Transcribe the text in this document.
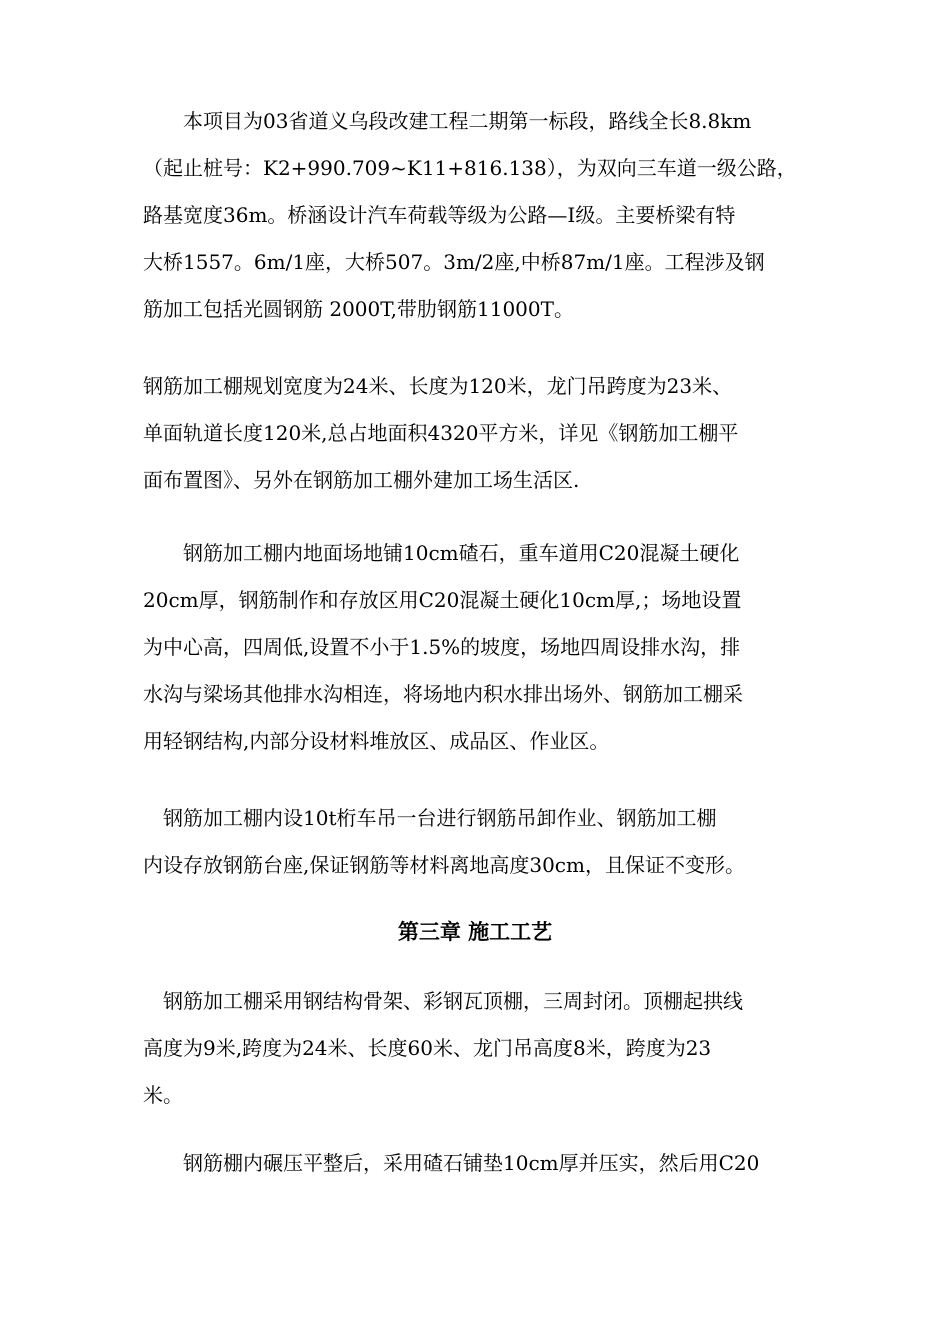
　　本项目为03省道义乌段改建工程二期第一标段，路线全长8.8km
（起止桩号：K2+990.709~K11+816.138），为双向三车道一级公路，
路基宽度36m。桥涵设计汽车荷载等级为公路—Ⅰ级。主要桥梁有特
大桥1557。6m/1座，大桥507。3m/2座,中桥87m/1座。工程涉及钢
筋加工包括光圆钢筋 2000T,带肋钢筋11000T。
钢筋加工棚规划宽度为24米、长度为120米，龙门吊跨度为23米、
单面轨道长度120米,总占地面积4320平方米，详见《钢筋加工棚平
面布置图》、另外在钢筋加工棚外建加工场生活区.
　　钢筋加工棚内地面场地铺10cm碴石，重车道用C20混凝土硬化
20cm厚，钢筋制作和存放区用C20混凝土硬化10cm厚,；场地设置
为中心高，四周低,设置不小于1.5%的坡度，场地四周设排水沟，排
水沟与梁场其他排水沟相连，将场地内积水排出场外、钢筋加工棚采
用轻钢结构,内部分设材料堆放区、成品区、作业区。
　钢筋加工棚内设10t桁车吊一台进行钢筋吊卸作业、钢筋加工棚
内设存放钢筋台座,保证钢筋等材料离地高度30cm，且保证不变形。
第三章 施工工艺
　钢筋加工棚采用钢结构骨架、彩钢瓦顶棚，三周封闭。顶棚起拱线
高度为9米,跨度为24米、长度60米、龙门吊高度8米，跨度为23
米。
　　钢筋棚内碾压平整后，采用碴石铺垫10cm厚并压实，然后用C20
